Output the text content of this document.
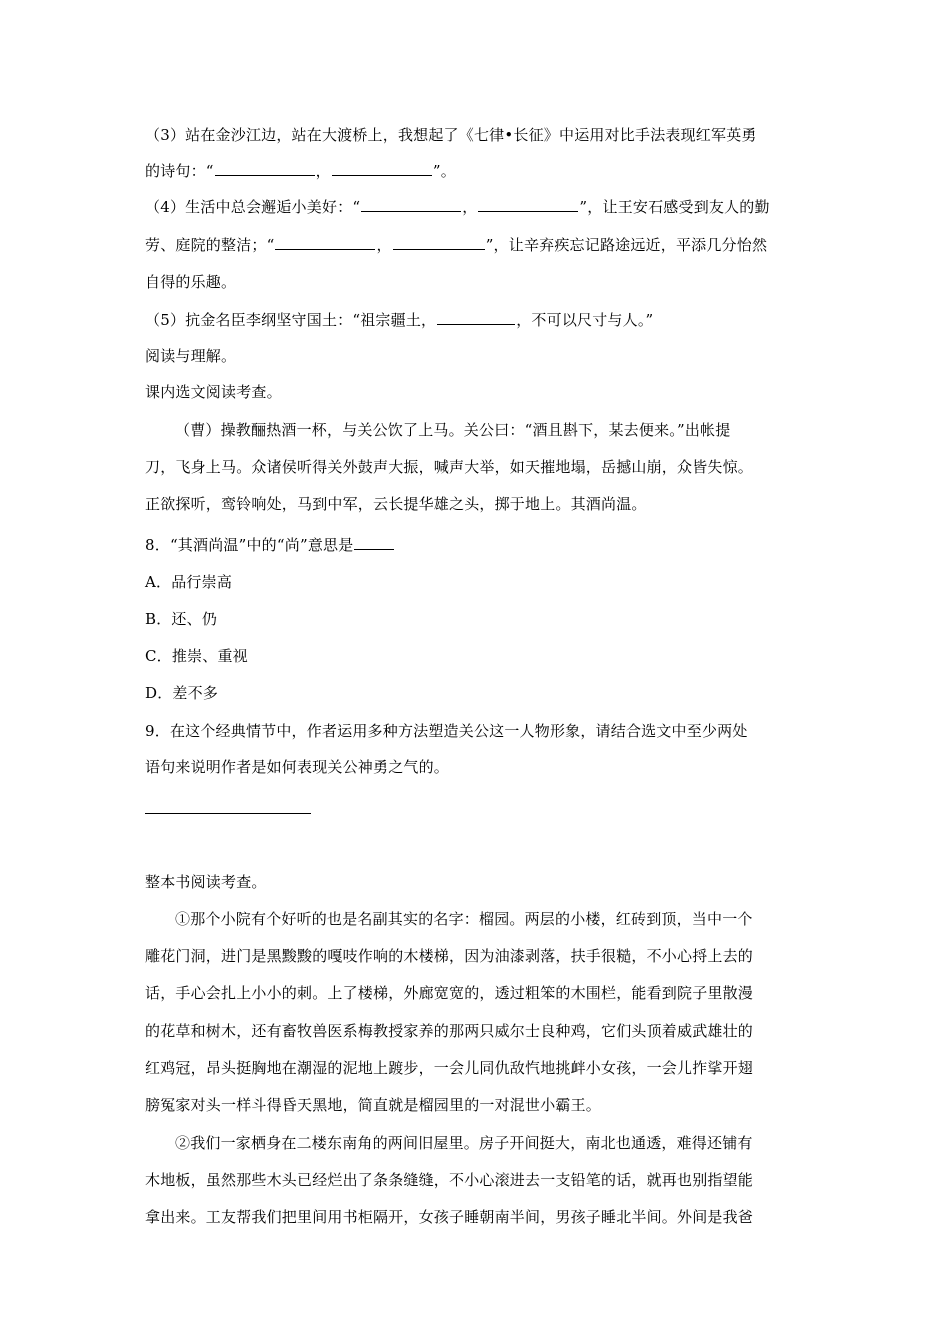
（3）站在金沙江边，站在大渡桥上，我想起了《七律•长征》中运用对比手法表现红军英勇
的诗句：“	，	”。
（4）生活中总会邂逅小美好：“	，	”，让王安石感受到友人的勤
劳、庭院的整洁；“	，	”，让辛弃疾忘记路途远近，平添几分怡然
自得的乐趣。
（5）抗金名臣李纲坚守国土：“祖宗疆土，	，不可以尺寸与人。”
阅读与理解。
课内选文阅读考查。
（曹）操教酾热酒一杯，与关公饮了上马。关公曰：“酒且斟下，某去便来。”出帐提
刀，飞身上马。众诸侯听得关外鼓声大振，喊声大举，如天摧地塌，岳撼山崩，众皆失惊。
正欲探听，鸾铃响处，马到中军，云长提华雄之头，掷于地上。其酒尚温。
8．“其酒尚温”中的“尚”意思是
A．品行崇高
B．还、仍
C．推崇、重视
D．差不多
9．在这个经典情节中，作者运用多种方法塑造关公这一人物形象，请结合选文中至少两处
语句来说明作者是如何表现关公神勇之气的。
整本书阅读考查。
①那个小院有个好听的也是名副其实的名字：榴园。两层的小楼，红砖到顶，当中一个
雕花门洞，进门是黑黢黢的嘎吱作响的木楼梯，因为油漆剥落，扶手很糙，不小心捋上去的
话，手心会扎上小小的刺。上了楼梯，外廊宽宽的，透过粗笨的木围栏，能看到院子里散漫
的花草和树木，还有畜牧兽医系梅教授家养的那两只威尔士良种鸡，它们头顶着威武雄壮的
红鸡冠，昂头挺胸地在潮湿的泥地上踱步，一会儿同仇敌忾地挑衅小女孩，一会儿拃挲开翅
膀冤家对头一样斗得昏天黑地，简直就是榴园里的一对混世小霸王。
②我们一家栖身在二楼东南角的两间旧屋里。房子开间挺大，南北也通透，难得还铺有
木地板，虽然那些木头已经烂出了条条缝缝，不小心滚进去一支铅笔的话，就再也别指望能
拿出来。工友帮我们把里间用书柜隔开，女孩子睡朝南半间，男孩子睡北半间。外间是我爸
